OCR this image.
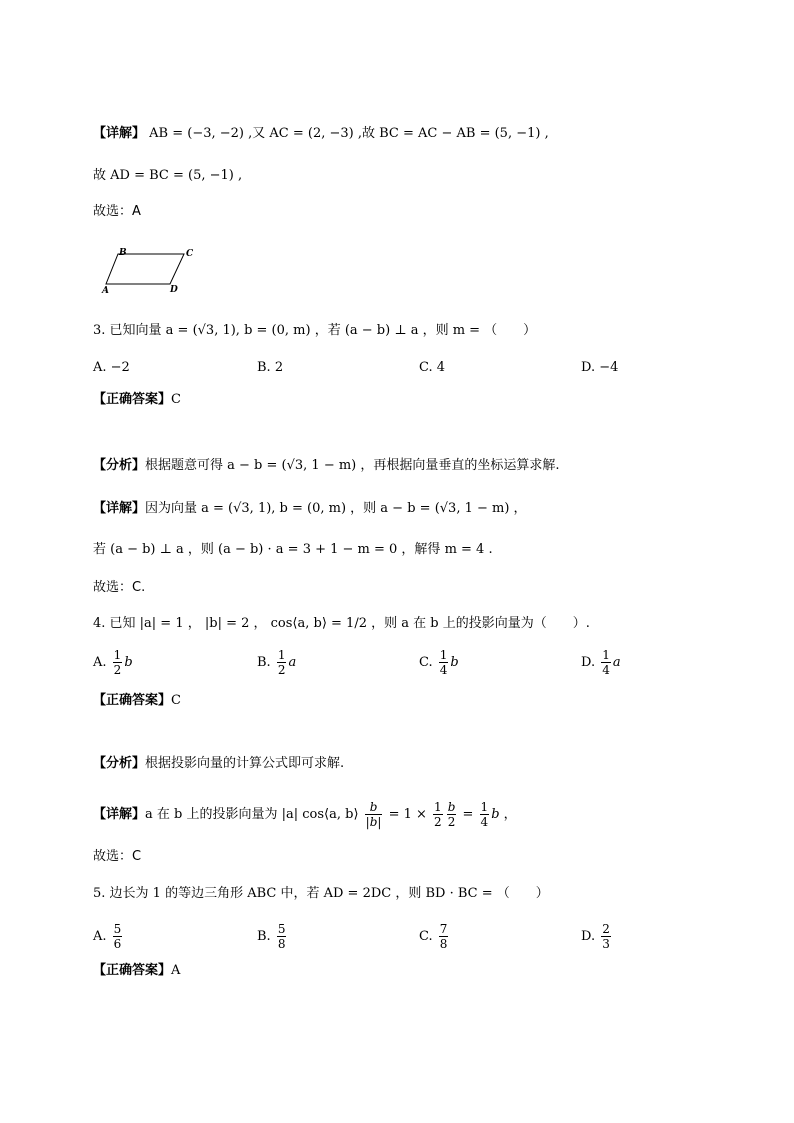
【详解】 AB = (−3, −2) ,又 AC = (2, −3) ,故 BC = AC − AB = (5, −1) ,
故 AD = BC = (5, −1) ,
故选：A
B	C
A	D
3. 已知向量 a = (√3, 1), b = (0, m) ，若 (a − b) ⊥ a ，则 m = （　　）
A. −2	B. 2	C. 4	D. −4
【正确答案】C
【分析】根据题意可得 a − b = (√3, 1 − m) ，再根据向量垂直的坐标运算求解.
【详解】因为向量 a = (√3, 1), b = (0, m) ，则 a − b = (√3, 1 − m) ，
若 (a − b) ⊥ a ，则 (a − b) · a = 3 + 1 − m = 0 ，解得 m = 4 .
故选：C.
4. 已知 |a| = 1 ， |b| = 2 ， cos⟨a, b⟩ = 1/2 ，则 a 在 b 上的投影向量为（　　）.
A. $\frac{1}{2}$ b	B. $\frac{1}{2}$ a	C. $\frac{1}{4}$ b	D. $\frac{1}{4}$ a
【正确答案】C
【分析】根据投影向量的计算公式即可求解.
【详解】a 在 b 上的投影向量为 |a| cos⟨a, b⟩ $\frac{b}{|b|} = 1 \times \frac{1}{2} \frac{b}{2} = \frac{1}{4}$ b ，
故选：C
5. 边长为 1 的等边三角形 ABC 中，若 AD = 2DC ，则 BD · BC = （　　）
A. $\frac{5}{6}$	B. $\frac{5}{8}$	C. $\frac{7}{8}$	D. $\frac{2}{3}$
【正确答案】A
